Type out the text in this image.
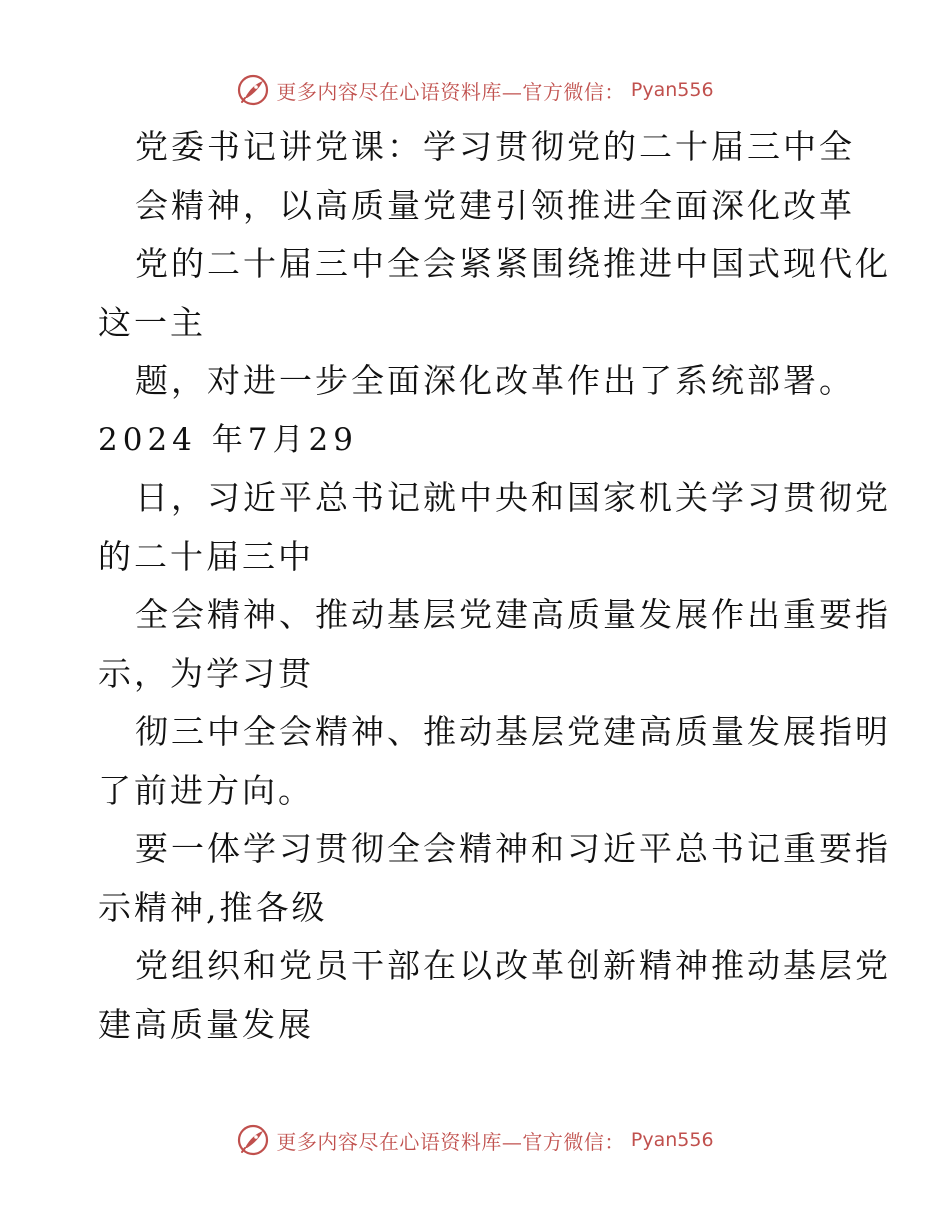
更多内容尽在心语资料库—官方微信： Pyan556
党委书记讲党课：学习贯彻党的二十届三中全
会精神，以高质量党建引领推进全面深化改革
党的二十届三中全会紧紧围绕推进中国式现代化
这一主
题，对进一步全面深化改革作出了系统部署。
2024 年7月29
日，习近平总书记就中央和国家机关学习贯彻党
的二十届三中
全会精神、推动基层党建高质量发展作出重要指
示，为学习贯
彻三中全会精神、推动基层党建高质量发展指明
了前进方向。
要一体学习贯彻全会精神和习近平总书记重要指
示精神,推各级
党组织和党员干部在以改革创新精神推动基层党
建高质量发展
更多内容尽在心语资料库—官方微信： Pyan556
